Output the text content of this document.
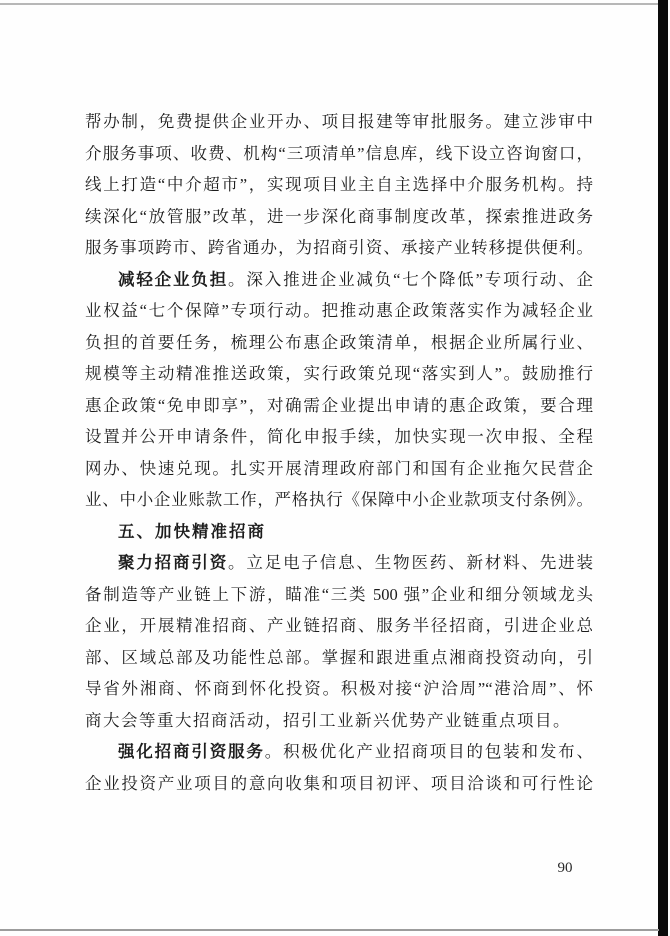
帮办制，免费提供企业开办、项目报建等审批服务。建立涉审中
介服务事项、收费、机构“三项清单”信息库，线下设立咨询窗口，
线上打造“中介超市”，实现项目业主自主选择中介服务机构。持
续深化“放管服”改革，进一步深化商事制度改革，探索推进政务
服务事项跨市、跨省通办，为招商引资、承接产业转移提供便利。
减轻企业负担。深入推进企业减负“七个降低”专项行动、企
业权益“七个保障”专项行动。把推动惠企政策落实作为减轻企业
负担的首要任务，梳理公布惠企政策清单，根据企业所属行业、
规模等主动精准推送政策，实行政策兑现“落实到人”。鼓励推行
惠企政策“免申即享”，对确需企业提出申请的惠企政策，要合理
设置并公开申请条件，简化申报手续，加快实现一次申报、全程
网办、快速兑现。扎实开展清理政府部门和国有企业拖欠民营企
业、中小企业账款工作，严格执行《保障中小企业款项支付条例》。
五、加快精准招商
聚力招商引资。立足电子信息、生物医药、新材料、先进装
备制造等产业链上下游，瞄准“三类 500 强”企业和细分领域龙头
企业，开展精准招商、产业链招商、服务半径招商，引进企业总
部、区域总部及功能性总部。掌握和跟进重点湘商投资动向，引
导省外湘商、怀商到怀化投资。积极对接“沪洽周”“港洽周”、怀
商大会等重大招商活动，招引工业新兴优势产业链重点项目。
强化招商引资服务。积极优化产业招商项目的包装和发布、
企业投资产业项目的意向收集和项目初评、项目洽谈和可行性论
90
